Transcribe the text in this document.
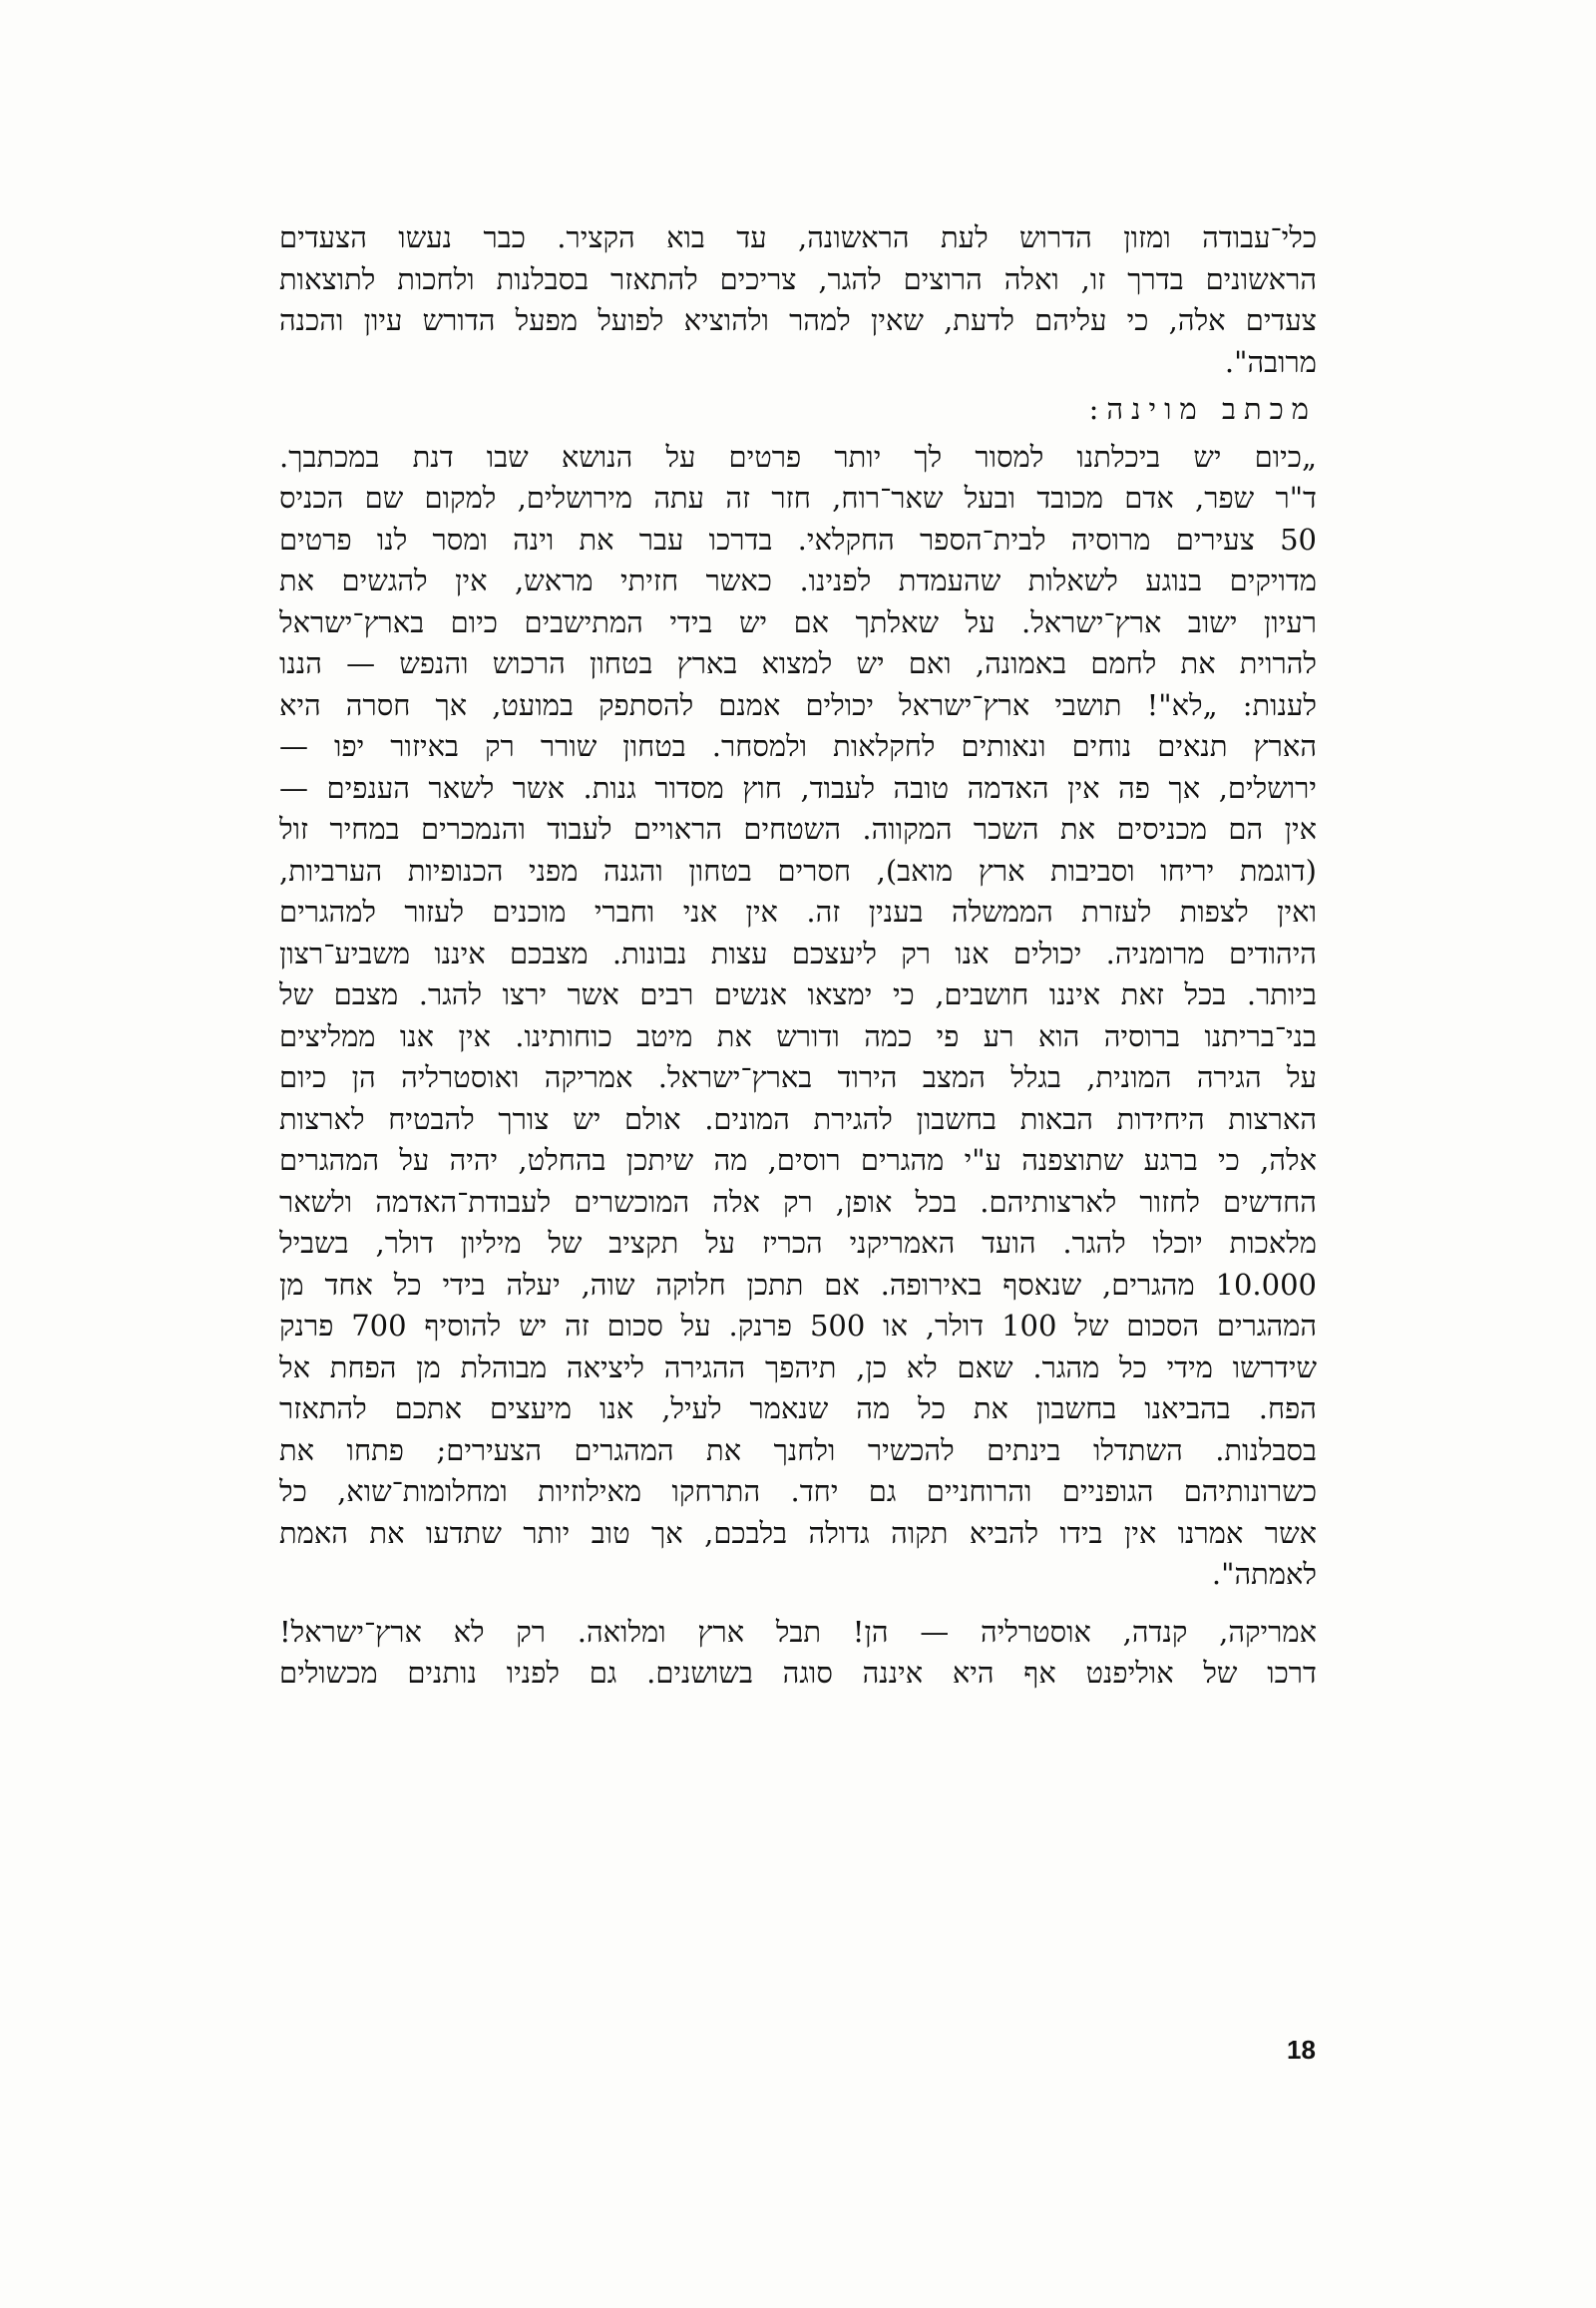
כלי־עבודה ומזון הדרוש לעת הראשונה, עד בוא הקציר. כבר נעשו הצעדים
הראשונים בדרך זו, ואלה הרוצים להגר, צריכים להתאזר בסבלנות ולחכות לתוצאות
צעדים אלה, כי עליהם לדעת, שאין למהר ולהוציא לפועל מפעל הדורש עיון והכנה
מרובה".
מכתב מוינה:
„כיום יש ביכלתנו למסור לך יותר פרטים על הנושא שבו דנת במכתבך.
ד"ר שפר, אדם מכובד ובעל שאר־רוח, חזר זה עתה מירושלים, למקום שם הכניס
50 צעירים מרוסיה לבית־הספר החקלאי. בדרכו עבר את וינה ומסר לנו פרטים
מדויקים בנוגע לשאלות שהעמדת לפנינו. כאשר חזיתי מראש, אין להגשים את
רעיון ישוב ארץ־ישראל. על שאלתך אם יש בידי המתישבים כיום בארץ־ישראל
להרוית את לחמם באמונה, ואם יש למצוא בארץ בטחון הרכוש והנפש — הננו
לענות: „לא"! תושבי ארץ־ישראל יכולים אמנם להסתפק במועט, אך חסרה היא
הארץ תנאים נוחים ונאותים לחקלאות ולמסחר. בטחון שורר רק באיזור יפו —
ירושלים, אך פה אין האדמה טובה לעבוד, חוץ מסדור גנות. אשר לשאר הענפים —
אין הם מכניסים את השכר המקווה. השטחים הראויים לעבוד והנמכרים במחיר זול
(דוגמת יריחו וסביבות ארץ מואב), חסרים בטחון והגנה מפני הכנופיות הערביות,
ואין לצפות לעזרת הממשלה בענין זה. אין אני וחברי מוכנים לעזור למהגרים
היהודים מרומניה. יכולים אנו רק ליעצכם עצות נבונות. מצבכם איננו משביע־רצון
ביותר. בכל זאת איננו חושבים, כי ימצאו אנשים רבים אשר ירצו להגר. מצבם של
בני־בריתנו ברוסיה הוא רע פי כמה ודורש את מיטב כוחותינו. אין אנו ממליצים
על הגירה המונית, בגלל המצב הירוד בארץ־ישראל. אמריקה ואוסטרליה הן כיום
הארצות היחידות הבאות בחשבון להגירת המונים. אולם יש צורך להבטיח לארצות
אלה, כי ברגע שתוצפנה ע"י מהגרים רוסים, מה שיתכן בהחלט, יהיה על המהגרים
החדשים לחזור לארצותיהם. בכל אופן, רק אלה המוכשרים לעבודת־האדמה ולשאר
מלאכות יוכלו להגר. הועד האמריקני הכריז על תקציב של מיליון דולר, בשביל
10.000 מהגרים, שנאסף באירופה. אם תתכן חלוקה שוה, יעלה בידי כל אחד מן
המהגרים הסכום של 100 דולר, או 500 פרנק. על סכום זה יש להוסיף 700 פרנק
שידרשו מידי כל מהגר. שאם לא כן, תיהפך ההגירה ליציאה מבוהלת מן הפחת אל
הפח. בהביאנו בחשבון את כל מה שנאמר לעיל, אנו מיעצים אתכם להתאזר
בסבלנות. השתדלו בינתים להכשיר ולחנך את המהגרים הצעירים; פתחו את
כשרונותיהם הגופניים והרוחניים גם יחד. התרחקו מאילוזיות ומחלומות־שוא, כל
אשר אמרנו אין בידו להביא תקוה גדולה בלבכם, אך טוב יותר שתדעו את האמת
לאמתה".
אמריקה, קנדה, אוסטרליה — הן! תבל ארץ ומלואה. רק לא ארץ־ישראל!
דרכו של אוליפנט אף היא איננה סוגה בשושנים. גם לפניו נותנים מכשולים
18
